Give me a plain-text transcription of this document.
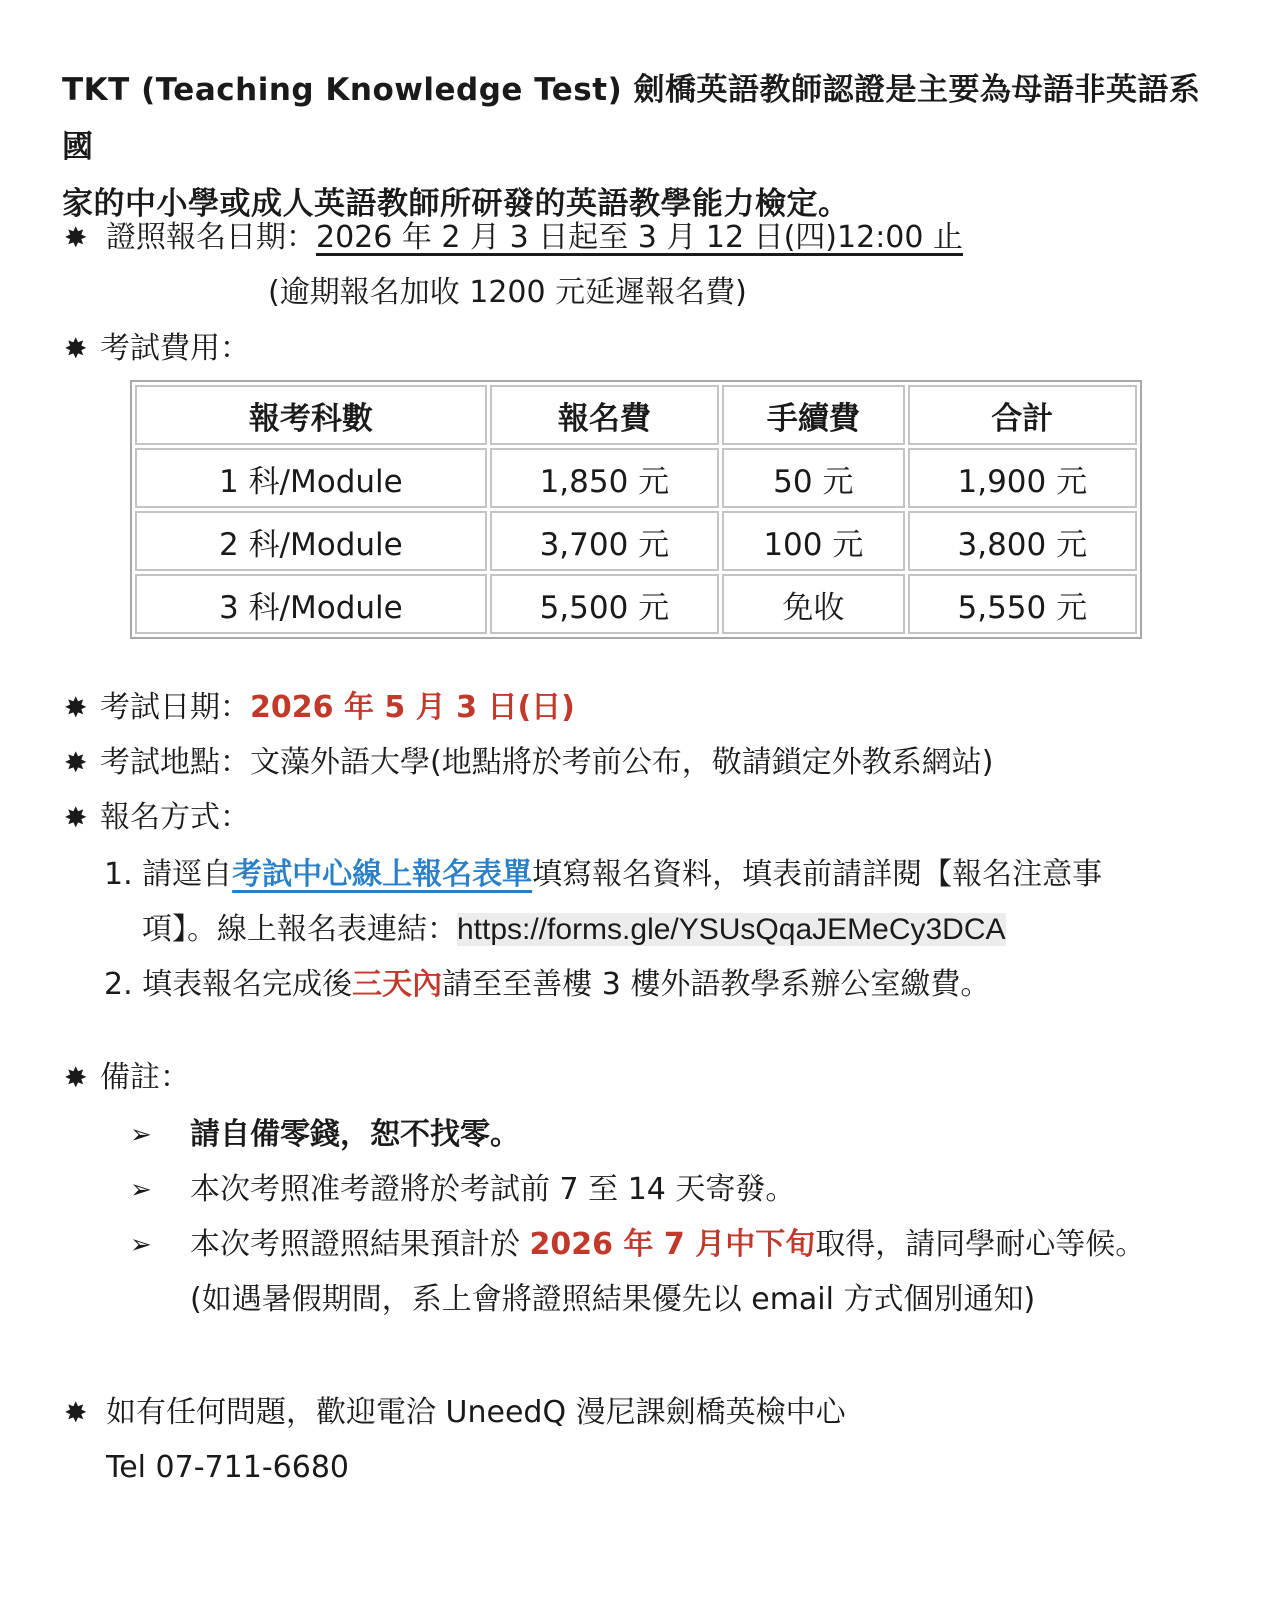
TKT (Teaching Knowledge Test) 劍橋英語教師認證是主要為母語非英語系國
家的中小學或成人英語教師所研發的英語教學能力檢定。
✸ 證照報名日期：2026 年 2 月 3 日起至 3 月 12 日(四)12:00 止
(逾期報名加收 1200 元延遲報名費)
✸ 考試費用：
報考科數	報名費	手續費	合計
1 科/Module	1,850 元	50 元	1,900 元
2 科/Module	3,700 元	100 元	3,800 元
3 科/Module	5,500 元	免收	5,550 元
✸ 考試日期：2026 年 5 月 3 日(日)
✸ 考試地點：文藻外語大學(地點將於考前公布，敬請鎖定外教系網站)
✸ 報名方式：
1. 請逕自考試中心線上報名表單填寫報名資料，填表前請詳閱【報名注意事
項】。線上報名表連結：https://forms.gle/YSUsQqaJEMeCy3DCA
2. 填表報名完成後三天內請至至善樓 3 樓外語教學系辦公室繳費。
✸ 備註：
➢ 請自備零錢，恕不找零。
➢ 本次考照准考證將於考試前 7 至 14 天寄發。
➢ 本次考照證照結果預計於 2026 年 7 月中下旬取得，請同學耐心等候。
(如遇暑假期間，系上會將證照結果優先以 email 方式個別通知)
✸ 如有任何問題，歡迎電洽 UneedQ 漫尼課劍橋英檢中心
Tel 07-711-6680
